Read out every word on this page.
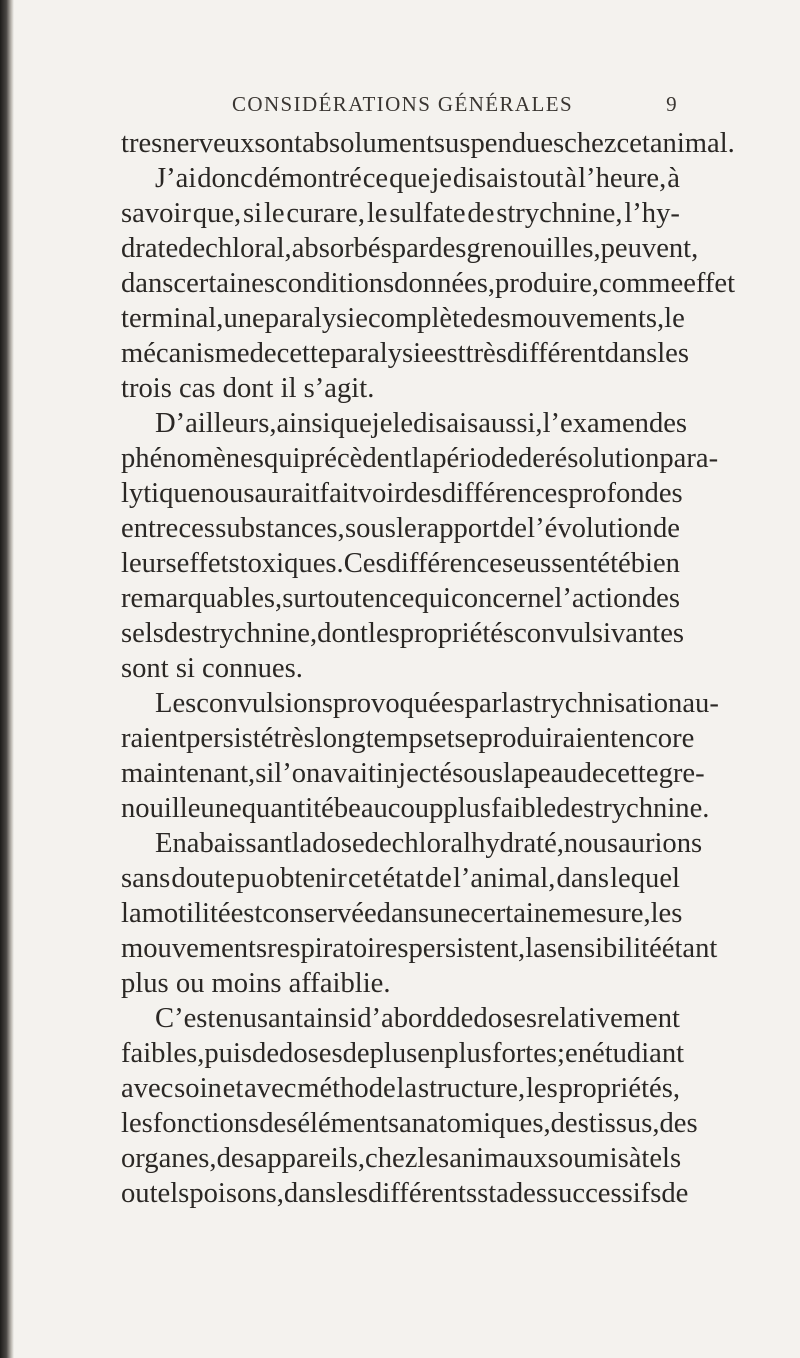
CONSIDÉRATIONS GÉNÉRALES	9
tres nerveux sont absolument suspendues chez cet animal.
J’ai donc démontré ce que je disais tout à l’heure, à
savoir que, si le curare, le sulfate de strychnine, l’hy-
drate de chloral, absorbés par des grenouilles, peuvent,
dans certaines conditions données, produire, comme effet
terminal, une paralysie complète des mouvements, le
mécanisme de cette paralysie est très différent dans les
trois cas dont il s’agit.
D’ailleurs, ainsi que je le disais aussi, l’examen des
phénomènes qui précèdent la période de résolution para-
lytique nous aurait fait voir des différences profondes
entre ces substances, sous le rapport de l’évolution de
leurs effets toxiques. Ces différences eussent été bien
remarquables, surtout en ce qui concerne l’action des
sels de strychnine, dont les propriétés convulsivantes
sont si connues.
Les convulsions provoquées par la strychnisation au-
raient persisté très longtemps et se produiraient encore
maintenant, si l’on avait injecté sous la peau de cette gre-
nouille une quantité beaucoup plus faible de strychnine.
En abaissant la dose de chloral hydraté, nous aurions
sans doute pu obtenir cet état de l’animal, dans lequel
la motilité est conservée dans une certaine mesure, les
mouvements respiratoires persistent, la sensibilité étant
plus ou moins affaiblie.
C’est en usant ainsi d’abord de doses relativement
faibles, puis de doses de plus en plus fortes ; en étudiant
avec soin et avec méthode la structure, les propriétés,
les fonctions des éléments anatomiques, des tissus, des
organes, des appareils, chez les animaux soumis à tels
ou tels poisons, dans les différents stades successifs de
